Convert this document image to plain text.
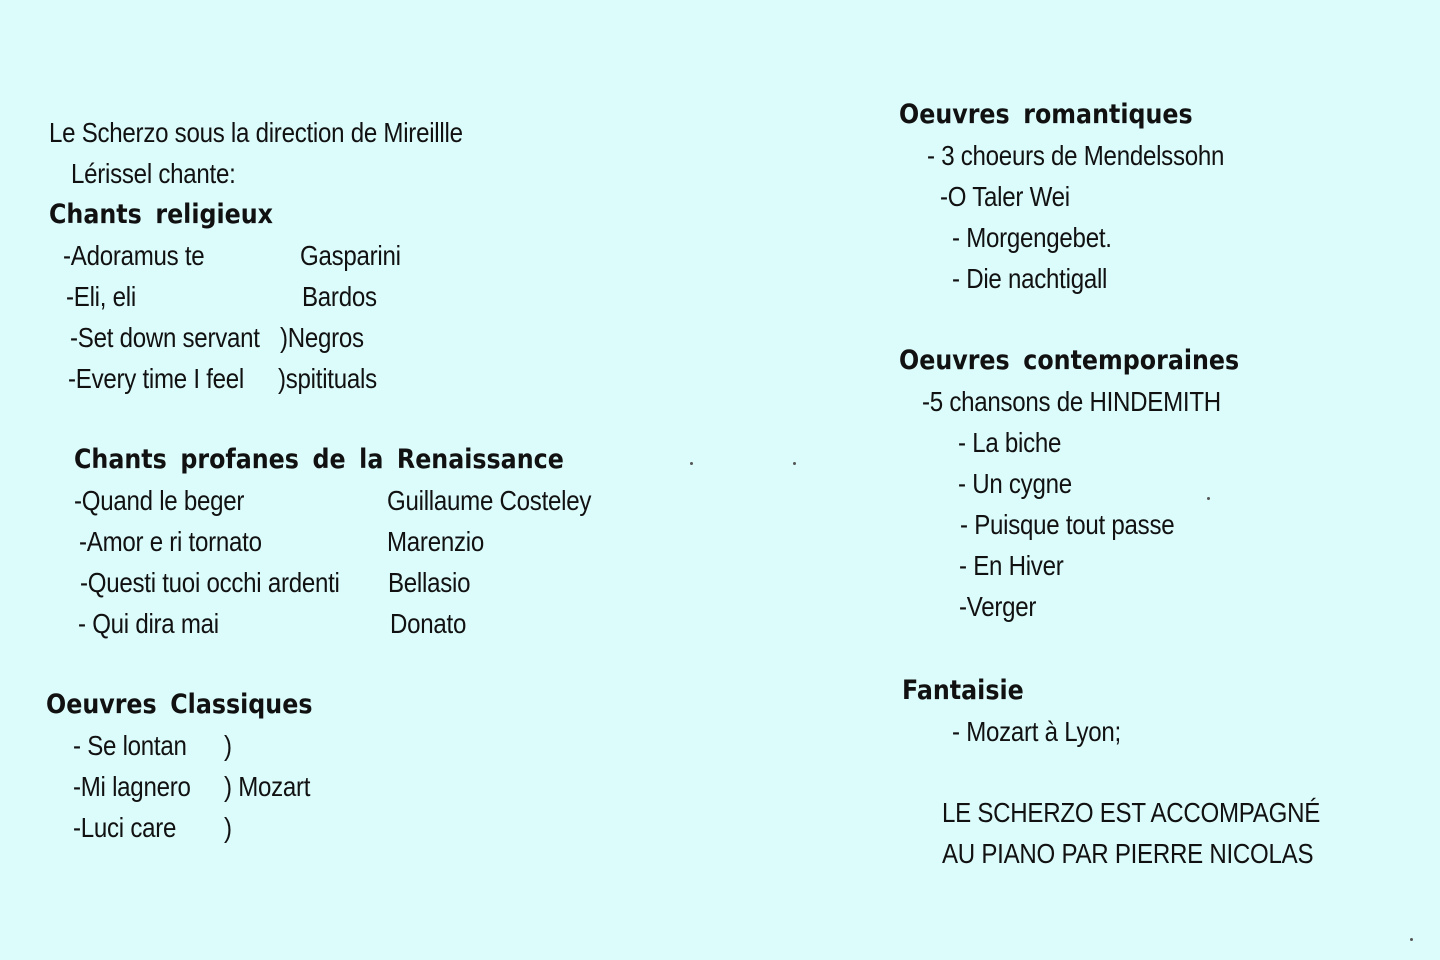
Le Scherzo sous la direction de Mireillle
Lérissel chante:
Chants religieux
-Adoramus te	Gasparini
-Eli, eli	Bardos
-Set down servant )Negros
-Every time I feel )spitituals
Chants profanes de la Renaissance
-Quand le beger	Guillaume Costeley
-Amor e ri tornato	Marenzio
-Questi tuoi occhi ardenti Bellasio
- Qui dira mai	Donato
Oeuvres Classiques
- Se lontan )
-Mi lagnero ) Mozart
-Luci care )
Oeuvres romantiques
- 3 choeurs de Mendelssohn
-O Taler Wei
- Morgengebet.
- Die nachtigall
Oeuvres contemporaines
-5 chansons de HINDEMITH
- La biche
- Un cygne
- Puisque tout passe
- En Hiver
-Verger
Fantaisie
- Mozart à Lyon;
LE SCHERZO EST ACCOMPAGNÉ
AU PIANO PAR PIERRE NICOLAS
